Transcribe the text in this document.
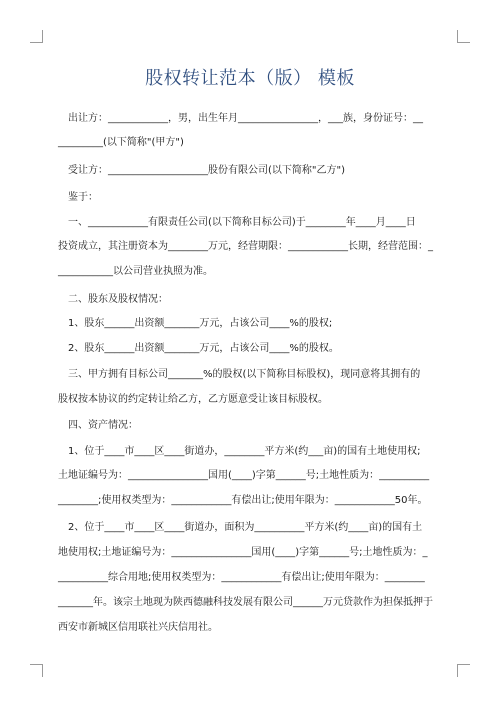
股权转让范本（版） 模板
　出让方：____________，男，出生年月________________，___族，身份证号：__
_________(以下简称"(甲方")
　受让方：____________________股份有限公司(以下简称"乙方")
　鉴于：
　一、____________有限责任公司(以下简称目标公司)于________年____月____日
投资成立，其注册资本为________万元，经营期限：____________长期，经营范围：_
___________以公司营业执照为准。
　二、股东及股权情况：
　1、股东______出资额_______万元，占该公司____%的股权;
　2、股东______出资额_______万元，占该公司____%的股权。
　三、甲方拥有目标公司_______%的股权(以下简称目标股权)，现同意将其拥有的
股权按本协议的约定转让给乙方，乙方愿意受让该目标股权。
　四、资产情况：
　1、位于____市____区____街道办，________平方米(约___亩)的国有土地使用权;
土地证编号为：________________国用(____)字第______号;土地性质为：__________
________;使用权类型为：____________有偿出让;使用年限为：____________50年。
　2、位于____市____区____街道办，面积为__________平方米(约____亩)的国有土
地使用权;土地证编号为：________________国用(____)字第______号;土地性质为：_
__________综合用地;使用权类型为：____________有偿出让;使用年限为：________
_______年。该宗土地现为陕西德融科技发展有限公司______万元贷款作为担保抵押于
西安市新城区信用联社兴庆信用社。
